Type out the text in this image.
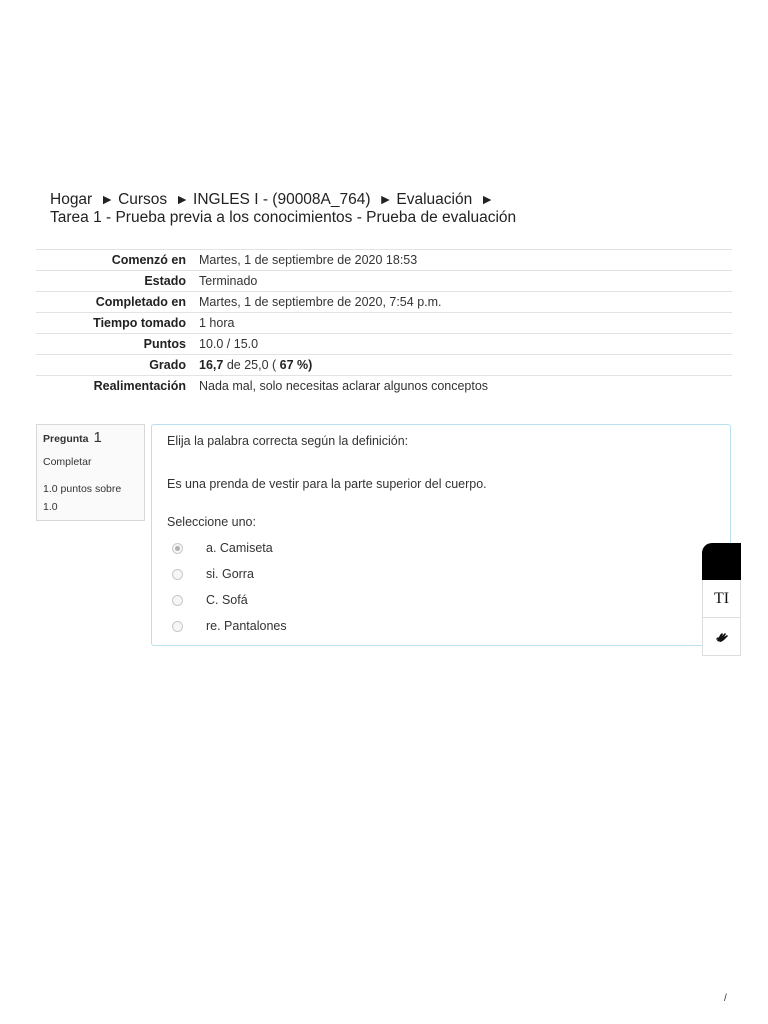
Hogar ► Cursos ► INGLES I - (90008A_764) ► Evaluación ►
Tarea 1 - Prueba previa a los conocimientos - Prueba de evaluación
Comenzó en	Martes, 1 de septiembre de 2020 18:53
Estado	Terminado
Completado en	Martes, 1 de septiembre de 2020, 7:54 p.m.
Tiempo tomado	1 hora
Puntos	10.0 / 15.0
Grado	16,7 de 25,0 ( 67 %)
Realimentación	Nada mal, solo necesitas aclarar algunos conceptos
Pregunta 1
Completar
1.0 puntos sobre
1.0
Elija la palabra correcta según la definición:
Es una prenda de vestir para la parte superior del cuerpo.
Seleccione uno:
a. Camiseta
si. Gorra
C. Sofá
re. Pantalones
TI
/
